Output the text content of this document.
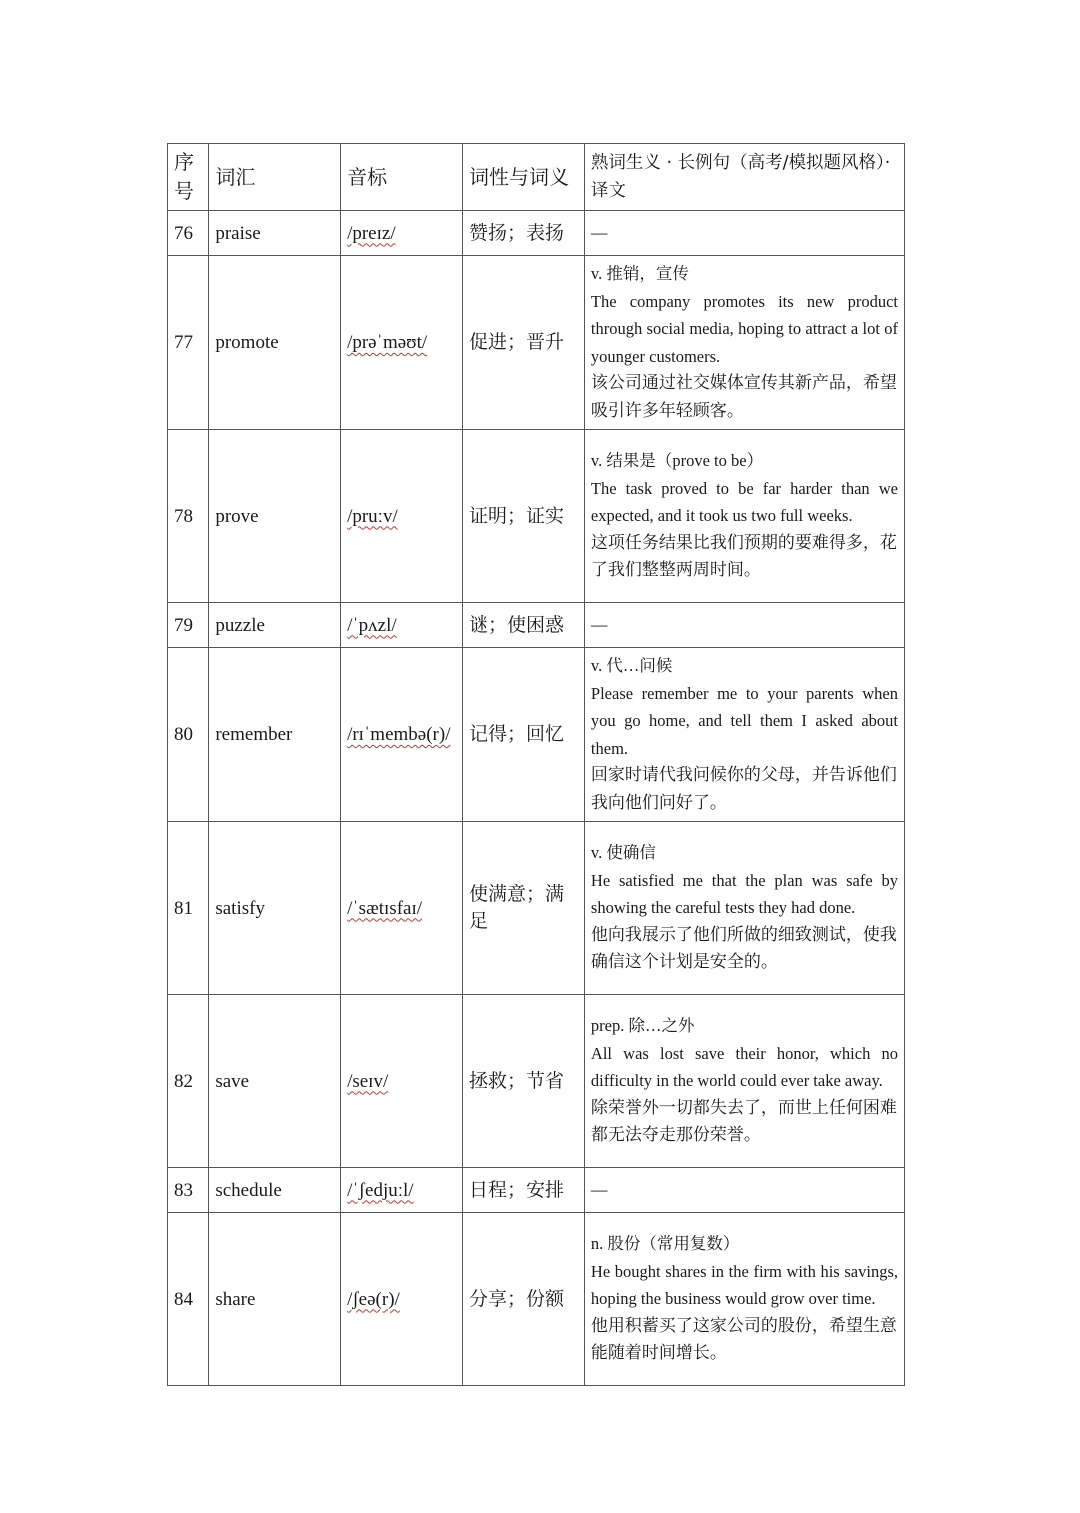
序号	词汇	音标	词性与词义	熟词生义 · 长例句（高考/模拟题风格）· 译文
76	praise	/preɪz/	赞扬；表扬	—

77	promote	/prəˈməʊt/	促进；晋升	v. 推销，宣传
The company promotes its new product through social media, hoping to attract a lot of younger customers.
该公司通过社交媒体宣传其新产品，希望吸引许多年轻顾客。

78	prove	/pruːv/	证明；证实	v. 结果是（prove to be）
The task proved to be far harder than we expected, and it took us two full weeks.
这项任务结果比我们预期的要难得多，花了我们整整两周时间。

79	puzzle	/ˈpʌzl/	谜；使困惑	—

80	remember	/rɪˈmembə(r)/	记得；回忆	v. 代…问候
Please remember me to your parents when you go home, and tell them I asked about them.
回家时请代我问候你的父母，并告诉他们我向他们问好了。

81	satisfy	/ˈsætɪsfaɪ/	使满意；满足	v. 使确信
He satisfied me that the plan was safe by showing the careful tests they had done.
他向我展示了他们所做的细致测试，使我确信这个计划是安全的。

82	save	/seɪv/	拯救；节省	prep. 除…之外
All was lost save their honor, which no difficulty in the world could ever take away.
除荣誉外一切都失去了，而世上任何困难都无法夺走那份荣誉。

83	schedule	/ˈʃedjuːl/	日程；安排	—

84	share	/ʃeə(r)/	分享；份额	n. 股份（常用复数）
He bought shares in the firm with his savings, hoping the business would grow over time.
他用积蓄买了这家公司的股份，希望生意能随着时间增长。
